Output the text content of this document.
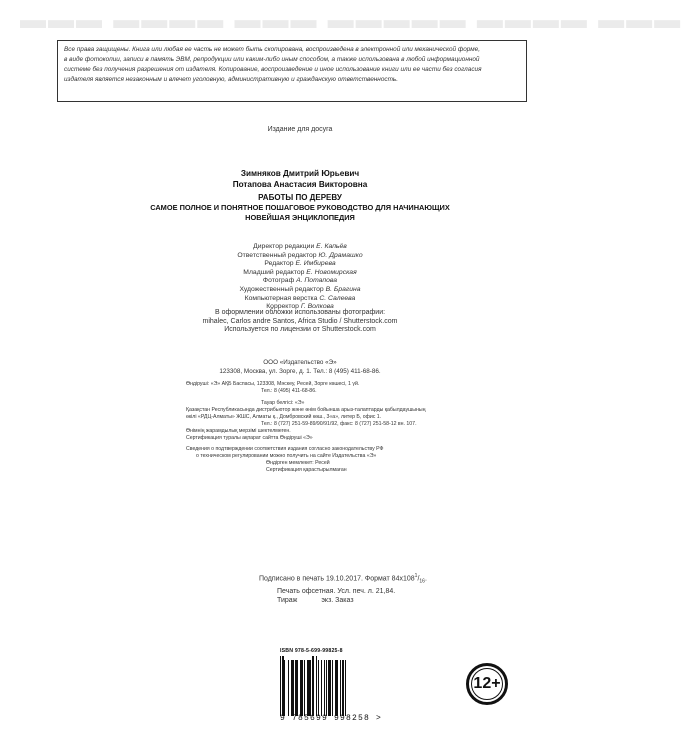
▬▬▬ ▬▬▬▬ ▬▬▬ ▬▬▬▬▬ ▬▬▬▬ ▬▬▬
Все права защищены. Книга или любая ее часть не может быть скопирована, воспроизведена в электронной или механической форме,
в виде фотокопии, записи в память ЭВМ, репродукции или каким-либо иным способом, а также использована в любой информационной
системе без получения разрешения от издателя. Копирование, воспроизведение и иное использование книги или ее части без согласия
издателя является незаконным и влечет уголовную, административную и гражданскую ответственность.
Издание для досуга
Зимняков Дмитрий Юрьевич
Потапова Анастасия Викторовна
РАБОТЫ ПО ДЕРЕВУ
САМОЕ ПОЛНОЕ И ПОНЯТНОЕ ПОШАГОВОЕ РУКОВОДСТВО ДЛЯ НАЧИНАЮЩИХ
НОВЕЙШАЯ ЭНЦИКЛОПЕДИЯ
Директор редакции Е. Капьёв
Ответственный редактор Ю. Драмашко
Редактор Е. Имбирева
Младший редактор Е. Новомирская
Фотограф А. Потапова
Художественный редактор В. Брагина
Компьютерная верстка С. Салеева
Корректор Г. Волкова
В оформлении обложки использованы фотографии:
mihalec, Carlos andre Santos, Africa Studio / Shutterstock.com
Используется по лицензии от Shutterstock.com
ООО «Издательство «Э»
123308, Москва, ул. Зорге, д. 1. Тел.: 8 (495) 411-68-86.
Өндіруші: «Э» АҚБ Баспасы, 123308, Мәскеу, Ресей, Зорге көшесі, 1 үй.
Тел.: 8 (495) 411-68-86.
Тауар белгісі: «Э»
Қазақстан Республикасында дистрибьютор және өнім бойынша арыз-талаптарды қабылдаушының
өкілі «РДЦ-Алматы» ЖШС, Алматы қ., Домбровский көш., 3«а», литер Б, офис 1.
Тел.: 8 (727) 251-59-89/90/91/92, факс: 8 (727) 251-58-12 вн. 107.
Өнімнің жарамдылық мерзімі шектелмеген.
Сертификация туралы ақпарат сайтта Өндіруші «Э»
Сведения о подтверждении соответствия издания согласно законодательству РФ
о техническом регулировании можно получить на сайте Издательства «Э»
Өндірген мемлекет: Ресей
Сертификация қарастырылмаған
Подписано в печать 19.10.2017. Формат $84х108^1/_{16}$.
Печать офсетная. Усл. печ. л. 21,84.
Тираж	экз. Заказ
ISBN 978-5-699-99825-8
9 785699 998258 >
12+
